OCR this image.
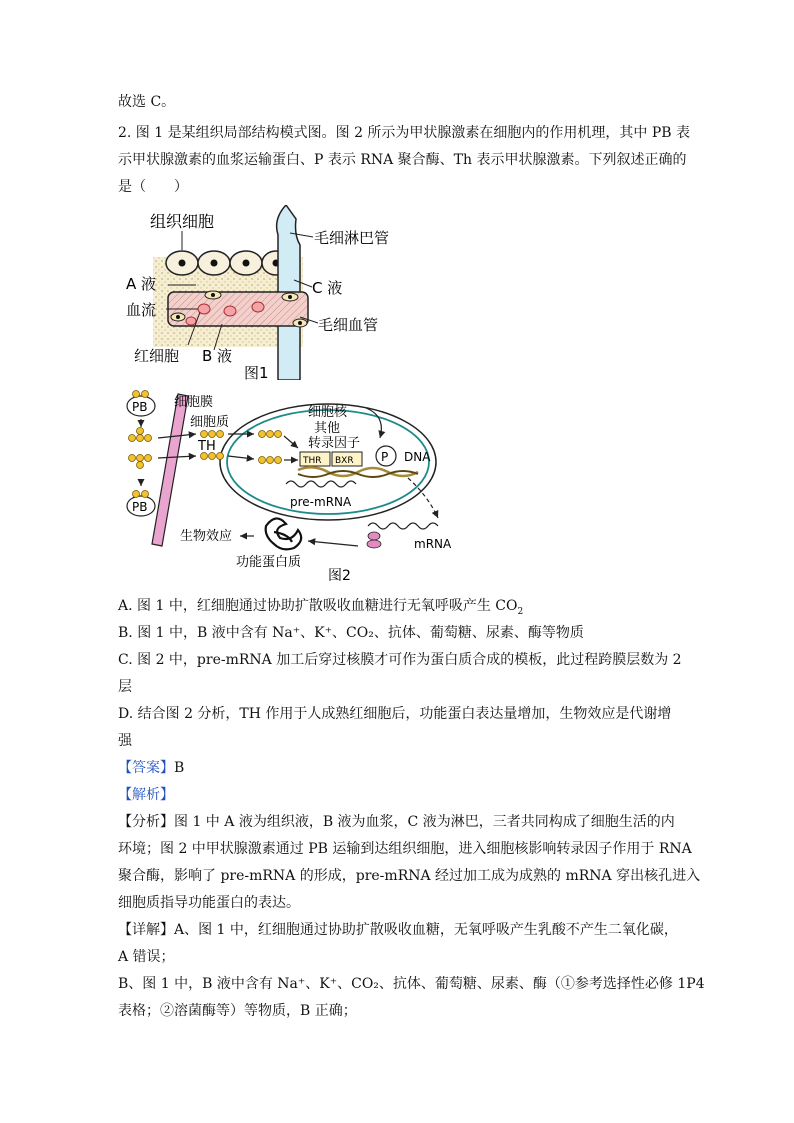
故选 C。
2. 图 1 是某组织局部结构模式图。图 2 所示为甲状腺激素在细胞内的作用机理，其中 PB 表
示甲状腺激素的血浆运输蛋白、P 表示 RNA 聚合酶、Th 表示甲状腺激素。下列叙述正确的
是（　　）
组织细胞
毛细淋巴管
A 液	C 液
血流
毛细血管
红细胞 B 液
图1
PB
PB
THR BXR P
细胞膜
细胞质
TH
细胞核
其他
转录因子
DNA
pre-mRNA
生物效应	mRNA
功能蛋白质
图2
A. 图 1 中，红细胞通过协助扩散吸收血糖进行无氧呼吸产生 $CO_2$
B. 图 1 中，B 液中含有 Na⁺、K⁺、CO₂、抗体、葡萄糖、尿素、酶等物质
C. 图 2 中，pre-mRNA 加工后穿过核膜才可作为蛋白质合成的模板，此过程跨膜层数为 2
层
D. 结合图 2 分析，TH 作用于人成熟红细胞后，功能蛋白表达量增加，生物效应是代谢增
强
【答案】B
【解析】
【分析】图 1 中 A 液为组织液，B 液为血浆，C 液为淋巴，三者共同构成了细胞生活的内
环境；图 2 中甲状腺激素通过 PB 运输到达组织细胞，进入细胞核影响转录因子作用于 RNA
聚合酶，影响了 pre-mRNA 的形成，pre-mRNA 经过加工成为成熟的 mRNA 穿出核孔进入
细胞质指导功能蛋白的表达。
【详解】A、图 1 中，红细胞通过协助扩散吸收血糖，无氧呼吸产生乳酸不产生二氧化碳，
A 错误；
B、图 1 中，B 液中含有 Na⁺、K⁺、CO₂、抗体、葡萄糖、尿素、酶（①参考选择性必修 1P4
表格；②溶菌酶等）等物质，B 正确；
